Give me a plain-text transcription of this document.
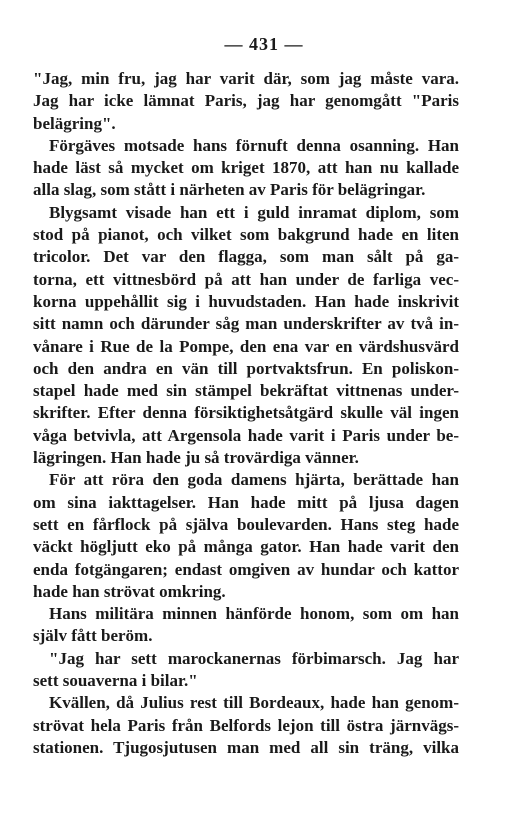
— 431 —

"Jag, min fru, jag har varit där, som jag måste vara.
Jag har icke lämnat Paris, jag har genomgått "Paris
belägring".

Förgäves motsade hans förnuft denna osanning. Han
hade läst så mycket om kriget 1870, att han nu kallade
alla slag, som stått i närheten av Paris för belägringar.

Blygsamt visade han ett i guld inramat diplom, som
stod på pianot, och vilket som bakgrund hade en liten
tricolor. Det var den flagga, som man sålt på ga-
torna, ett vittnesbörd på att han under de farliga vec-
korna uppehållit sig i huvudstaden. Han hade inskrivit
sitt namn och därunder såg man underskrifter av två in-
vånare i Rue de la Pompe, den ena var en värdshusvärd
och den andra en vän till portvaktsfrun. En poliskon-
stapel hade med sin stämpel bekräftat vittnenas under-
skrifter. Efter denna försiktighetsåtgärd skulle väl ingen
våga betvivla, att Argensola hade varit i Paris under be-
lägringen. Han hade ju så trovärdiga vänner.

För att röra den goda damens hjärta, berättade han
om sina iakttagelser. Han hade mitt på ljusa dagen
sett en fårflock på själva boulevarden. Hans steg hade
väckt högljutt eko på många gator. Han hade varit den
enda fotgängaren; endast omgiven av hundar och kattor
hade han strövat omkring.

Hans militära minnen hänförde honom, som om han
själv fått beröm.

"Jag har sett marockanernas förbimarsch. Jag har
sett souaverna i bilar."

Kvällen, då Julius rest till Bordeaux, hade han genom-
strövat hela Paris från Belfords lejon till östra järnvägs-
stationen. Tjugosjutusen man med all sin träng, vilka
